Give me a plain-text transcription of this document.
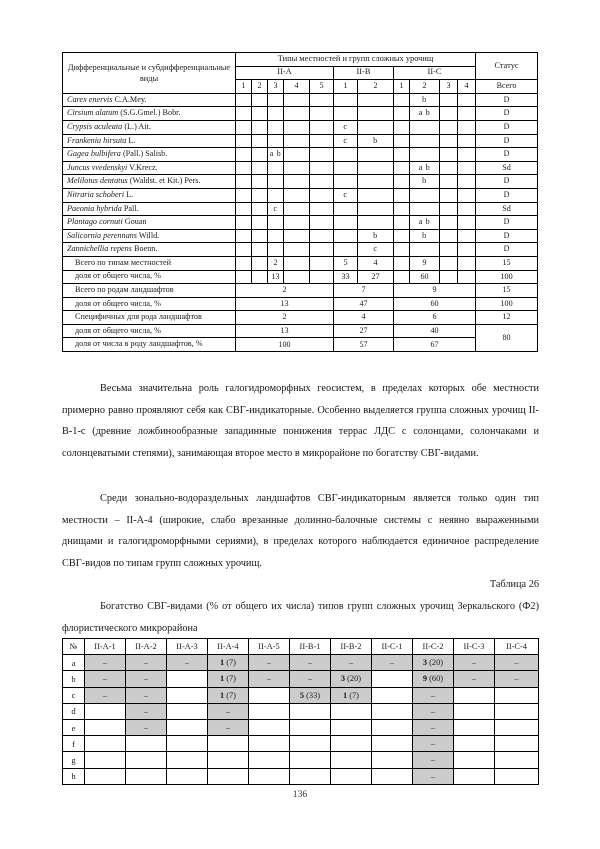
Дифференциальные и субдифференциальные виды	Типы местностей и групп сложных урочищ											Статус
	II-A					II-B		II-C				
	1	2	3	4	5	1	2	1	2	3	4	Всего
Carex enervis C.A.Mey.									b			D
Cirsium alatum (S.G.Gmel.) Bobr.									a b			D
Crypsis aculeata (L.) Ait.						c						D
Frankenia hirsuta L.						c	b					D
Gagea bulbifera (Pall.) Salisb.			a b									D
Juncus vvedenskyi V.Krecz.									a b			Sd
Melilotus dentatus (Waldst. et Kit.) Pers.									b			D
Nitraria schoberi L.						c						D
Paeonia hybrida Pall.			c									Sd
Plantago cornuti Gouan									a b			D
Salicornia perennans Willd.							b		b			D
Zannichellia repens Boenn.							c					D
Всего по типам местностей			2			5	4		9			15
доля от общего числа, %			13			33	27		60			100
Всего по родам ландшафтов	2					7		9				15
доля от общего числа, %	13					47		60				100
Специфичных для рода ландшафтов	2					4		6				12
доля от общего числа, %	13					27		40				80
доля от числа в роду ландшафтов, %	100					57		67				
Весьма значительна роль галогидроморфных геосистем, в пределах которых обе местности примерно равно проявляют себя как СВГ-индикаторные. Особенно выделяется группа сложных урочищ II-В-1-c (древние ложбинообразные западинные понижения террас ЛДС с солонцами, солончаками и солонцеватыми степями), занимающая второе место в микрорайоне по богатству СВГ-видами.
Среди зонально-водораздельных ландшафтов СВГ-индикаторным является только один тип местности – II-А-4 (широкие, слабо врезанные долинно-балочные системы с неявно выраженными днищами и галогидроморфными сериями), в пределах которого наблюдается единичное распределение СВГ-видов по типам групп сложных урочищ.
Таблица 26
Богатство СВГ-видами (% от общего их числа) типов групп сложных урочищ Зеркальского (Ф2) флористического микрорайона
№	II-A-1	II-A-2	II-A-3	II-A-4	II-A-5	II-B-1	II-B-2	II-C-1	II-C-2	II-C-3	II-C-4
a	–	–	–	1 (7)	–	–	–	–	3 (20)	–	–
b	–	–		1 (7)	–	–	3 (20)		9 (60)	–	–
c	–	–		1 (7)		5 (33)	1 (7)		–		
d		–		–					–		
e		–		–					–		
f									–		
g									–		
h									–		
136
